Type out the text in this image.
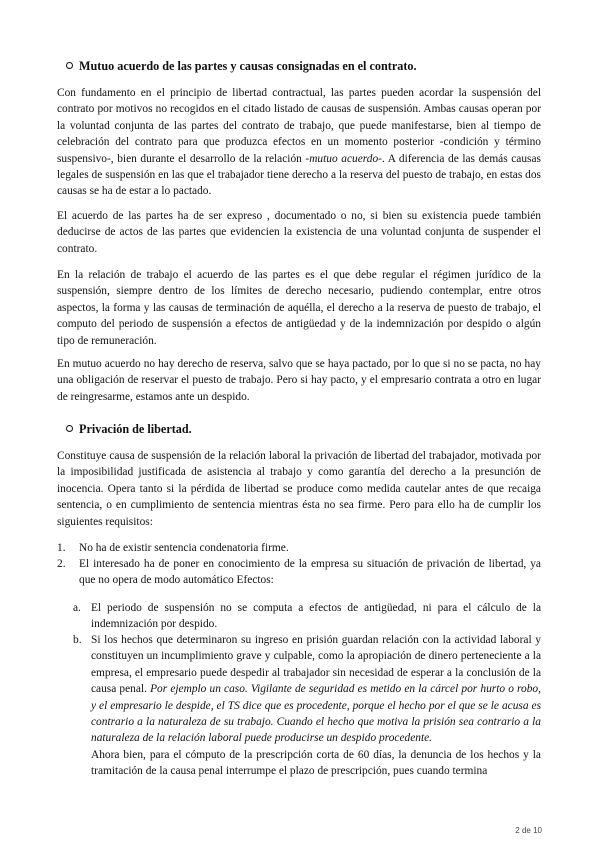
Mutuo acuerdo de las partes y causas consignadas en el contrato.

Con fundamento en el principio de libertad contractual, las partes pueden acordar la suspensión del contrato por motivos no recogidos en el citado listado de causas de suspensión. Ambas causas operan por la voluntad conjunta de las partes del contrato de trabajo, que puede manifestarse, bien al tiempo de celebración del contrato para que produzca efectos en un momento posterior -condición y término suspensivo-, bien durante el desarrollo de la relación -mutuo acuerdo-. A diferencia de las demás causas legales de suspensión en las que el trabajador tiene derecho a la reserva del puesto de trabajo, en estas dos causas se ha de estar a lo pactado.

El acuerdo de las partes ha de ser expreso , documentado o no, si bien su existencia puede también deducirse de actos de las partes que evidencien la existencia de una voluntad conjunta de suspender el contrato.

En la relación de trabajo el acuerdo de las partes es el que debe regular el régimen jurídico de la suspensión, siempre dentro de los límites de derecho necesario, pudiendo contemplar, entre otros aspectos, la forma y las causas de terminación de aquélla, el derecho a la reserva de puesto de trabajo, el computo del periodo de suspensión a efectos de antigüedad y de la indemnización por despido o algún tipo de remuneración.

En mutuo acuerdo no hay derecho de reserva, salvo que se haya pactado, por lo que si no se pacta, no hay una obligación de reservar el puesto de trabajo. Pero si hay pacto, y el empresario contrata a otro en lugar de reingresarme, estamos ante un despido.

Privación de libertad.

Constituye causa de suspensión de la relación laboral la privación de libertad del trabajador, motivada por la imposibilidad justificada de asistencia al trabajo y como garantía del derecho a la presunción de inocencia. Opera tanto si la pérdida de libertad se produce como medida cautelar antes de que recaiga sentencia, o en cumplimiento de sentencia mientras ésta no sea firme. Pero para ello ha de cumplir los siguientes requisitos:

1. No ha de existir sentencia condenatoria firme.
2. El interesado ha de poner en conocimiento de la empresa su situación de privación de libertad, ya que no opera de modo automático Efectos:
a. El periodo de suspensión no se computa a efectos de antigüedad, ni para el cálculo de la indemnización por despido.
b. Si los hechos que determinaron su ingreso en prisión guardan relación con la actividad laboral y constituyen un incumplimiento grave y culpable, como la apropiación de dinero perteneciente a la empresa, el empresario puede despedir al trabajador sin necesidad de esperar a la conclusión de la causa penal. Por ejemplo un caso. Vigilante de seguridad es metido en la cárcel por hurto o robo, y el empresario le despide, el TS dice que es procedente, porque el hecho por el que se le acusa es contrario a la naturaleza de su trabajo. Cuando el hecho que motiva la prisión sea contrario a la naturaleza de la relación laboral puede producirse un despido procedente.
Ahora bien, para el cómputo de la prescripción corta de 60 días, la denuncia de los hechos y la tramitación de la causa penal interrumpe el plazo de prescripción, pues cuando termina
2 de 10
